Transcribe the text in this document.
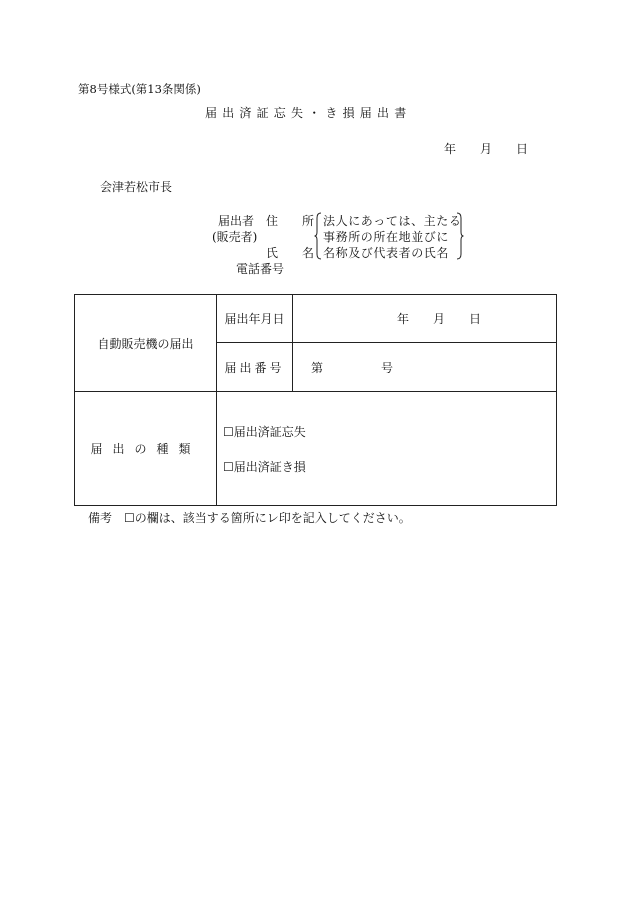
第8号様式(第13条関係)
届出済証忘失・き損届出書
年 月 日
会津若松市長
届出者
(販売者)
住　　所
氏　　名
電話番号
法人にあっては、主たる
事務所の所在地並びに
名称及び代表者の氏名
自動販売機の届出	届出年月日	年 月 日
	届出番号	第 号
届出の種類	☐届出済証忘失
☐届出済証き損	
備考　☐の欄は、該当する箇所にレ印を記入してください。
